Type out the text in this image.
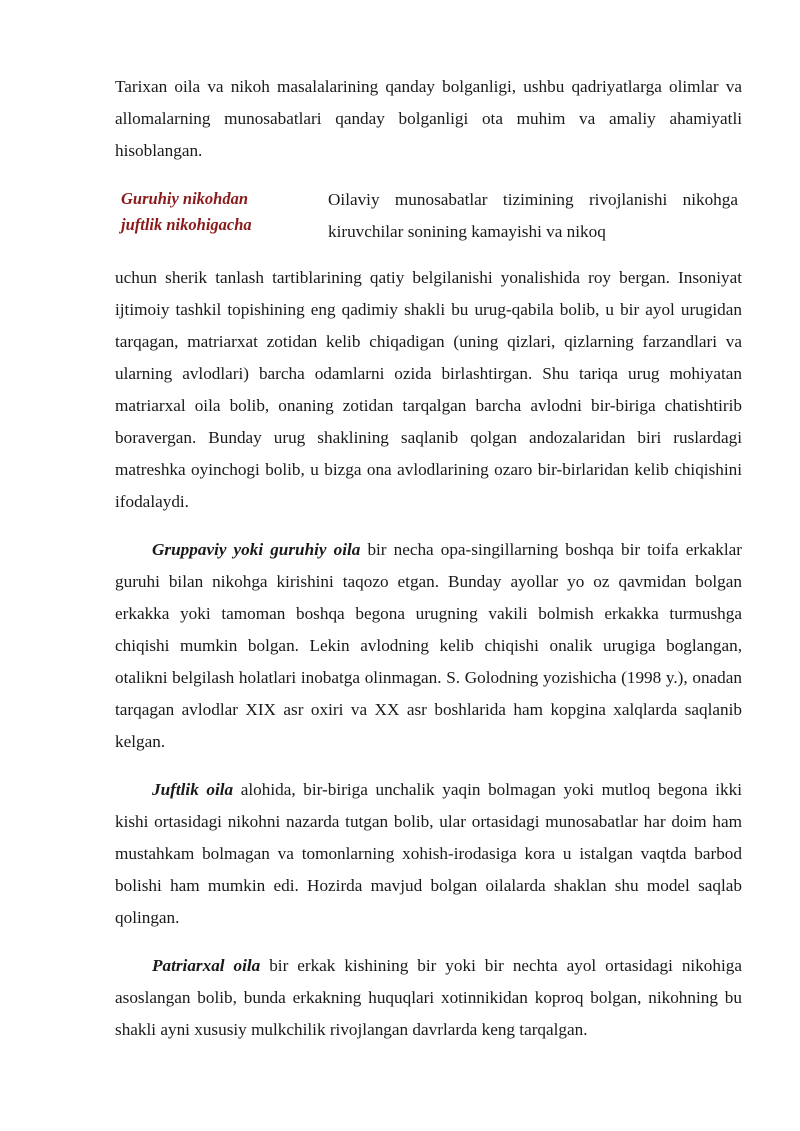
Tarixan oila va nikoh masalalarining qanday bolganligi, ushbu qadriyatlarga olimlar va allomalarning munosabatlari qanday bolganligi ota muhim va amaliy ahamiyatli hisoblangan.

Guruhiy nikohdan
juftlik nikohigacha

Oilaviy munosabatlar tizimining rivojlanishi nikohga kiruvchilar sonining kamayishi va nikoq

uchun sherik tanlash tartiblarining qatiy belgilanishi yonalishida roy bergan. Insoniyat ijtimoiy tashkil topishining eng qadimiy shakli bu urug-qabila bolib, u bir ayol urugidan tarqagan, matriarxat zotidan kelib chiqadigan (uning qizlari, qizlarning farzandlari va ularning avlodlari) barcha odamlarni ozida birlashtirgan. Shu tariqa urug mohiyatan matriarxal oila bolib, onaning zotidan tarqalgan barcha avlodni bir-biriga chatishtirib boravergan. Bunday urug shaklining saqlanib qolgan andozalaridan biri ruslardagi matreshka oyinchogi bolib, u bizga ona avlodlarining ozaro bir-birlaridan kelib chiqishini ifodalaydi.

Gruppaviy yoki guruhiy oila bir necha opa-singillarning boshqa bir toifa erkaklar guruhi bilan nikohga kirishini taqozo etgan. Bunday ayollar yo oz qavmidan bolgan erkakka yoki tamoman boshqa begona urugning vakili bolmish erkakka turmushga chiqishi mumkin bolgan. Lekin avlodning kelib chiqishi onalik urugiga boglangan, otalikni belgilash holatlari inobatga olinmagan. S. Golodning yozishicha (1998 y.), onadan tarqagan avlodlar XIX asr oxiri va XX asr boshlarida ham kopgina xalqlarda saqlanib kelgan.

Juftlik oila alohida, bir-biriga unchalik yaqin bolmagan yoki mutloq begona ikki kishi ortasidagi nikohni nazarda tutgan bolib, ular ortasidagi munosabatlar har doim ham mustahkam bolmagan va tomonlarning xohish-irodasiga kora u istalgan vaqtda barbod bolishi ham mumkin edi. Hozirda mavjud bolgan oilalarda shaklan shu model saqlab qolingan.

Patriarxal oila bir erkak kishining bir yoki bir nechta ayol ortasidagi nikohiga asoslangan bolib, bunda erkakning huquqlari xotinnikidan koproq bolgan, nikohning bu shakli ayni xususiy mulkchilik rivojlangan davrlarda keng tarqalgan.
